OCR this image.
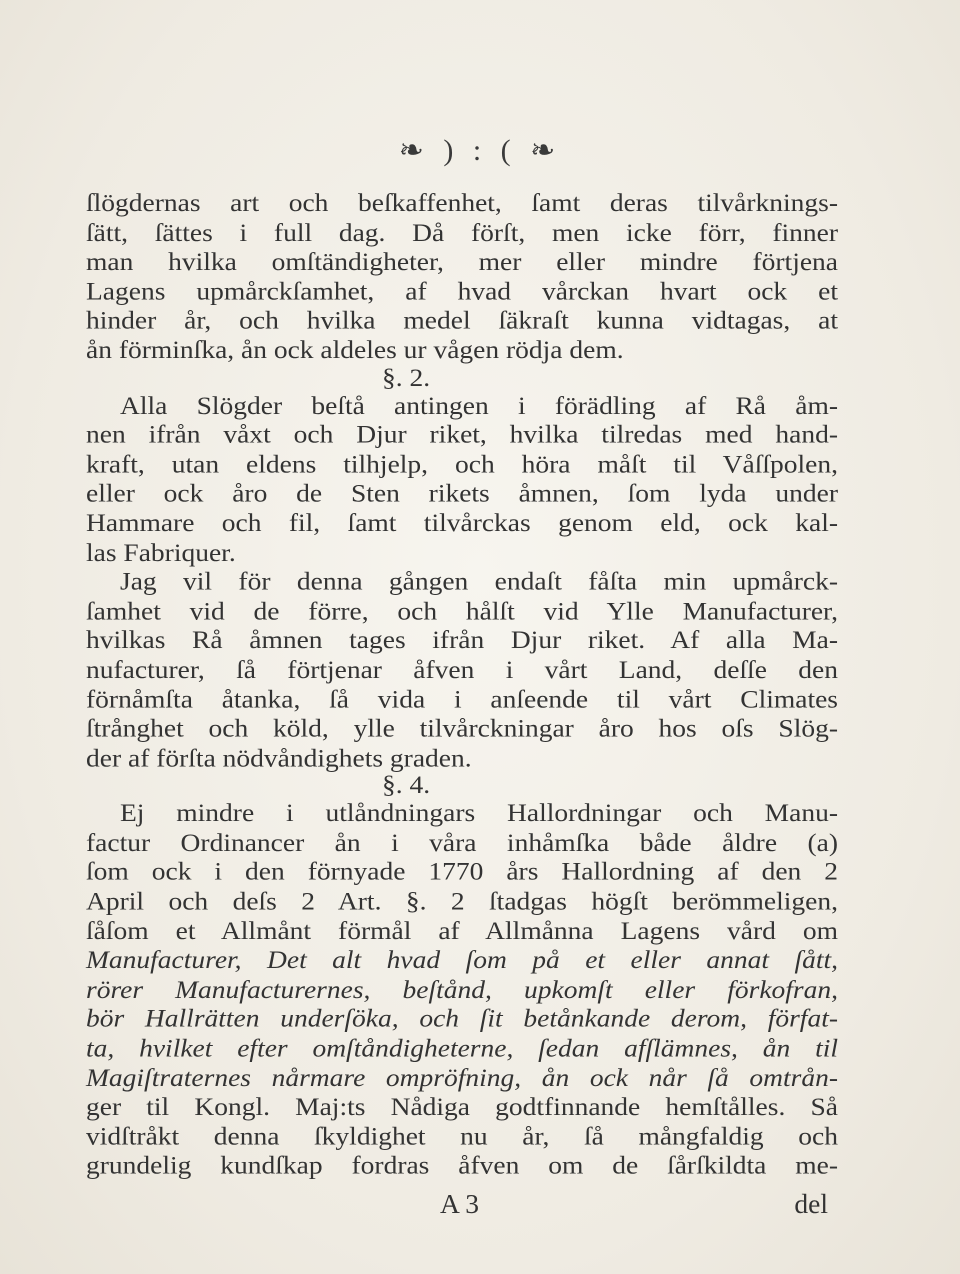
❧ ) : ( ❧
ſlögdernas art och beſkaffenhet, ſamt deras tilvårknings-
ſätt, ſättes i full dag. Då förſt, men icke förr, finner
man hvilka omſtändigheter, mer eller mindre förtjena
Lagens upmårckſamhet, af hvad vårckan hvart ock et
hinder år, och hvilka medel ſäkraſt kunna vidtagas, at
ån förminſka, ån ock aldeles ur vågen rödja dem.
§. 2.
Alla Slögder beſtå antingen i förädling af Rå åm-
nen ifrån våxt och Djur riket, hvilka tilredas med hand-
kraft, utan eldens tilhjelp, och höra måſt til Våſſpolen,
eller ock åro de Sten rikets åmnen, ſom lyda under
Hammare och fil, ſamt tilvårckas genom eld, ock kal-
las Fabriquer.
Jag vil för denna gången endaſt fåſta min upmårck-
ſamhet vid de förre, och hålſt vid Ylle Manufacturer,
hvilkas Rå åmnen tages ifrån Djur riket. Af alla Ma-
nufacturer, ſå förtjenar åfven i vårt Land, deſſe den
förnåmſta åtanka, ſå vida i anſeende til vårt Climates
ſtrånghet och köld, ylle tilvårckningar åro hos oſs Slög-
der af förſta nödvåndighets graden.
§. 4.
Ej mindre i utlåndningars Hallordningar och Manu-
factur Ordinancer ån i våra inhåmſka både åldre (a)
ſom ock i den förnyade 1770 års Hallordning af den 2
April och deſs 2 Art. §. 2 ſtadgas högſt berömmeligen,
ſåſom et Allmånt förmål af Allmånna Lagens vård om
Manufacturer, Det alt hvad ſom på et eller annat ſått,
rörer Manufacturernes, beſtånd, upkomſt eller förkofran,
bör Hallrätten underſöka, och ſit betånkande derom, förfat-
ta, hvilket efter omſtåndigheterne, ſedan afſlämnes, ån til
Magiſtraternes nårmare ompröfning, ån ock når ſå omtrån-
ger til Kongl. Maj:ts Nådiga godtfinnande hemſtålles. Så
vidſtråkt denna ſkyldighet nu år, ſå mångfaldig och
grundelig kundſkap fordras åfven om de ſårſkildta me-
A 3	del
